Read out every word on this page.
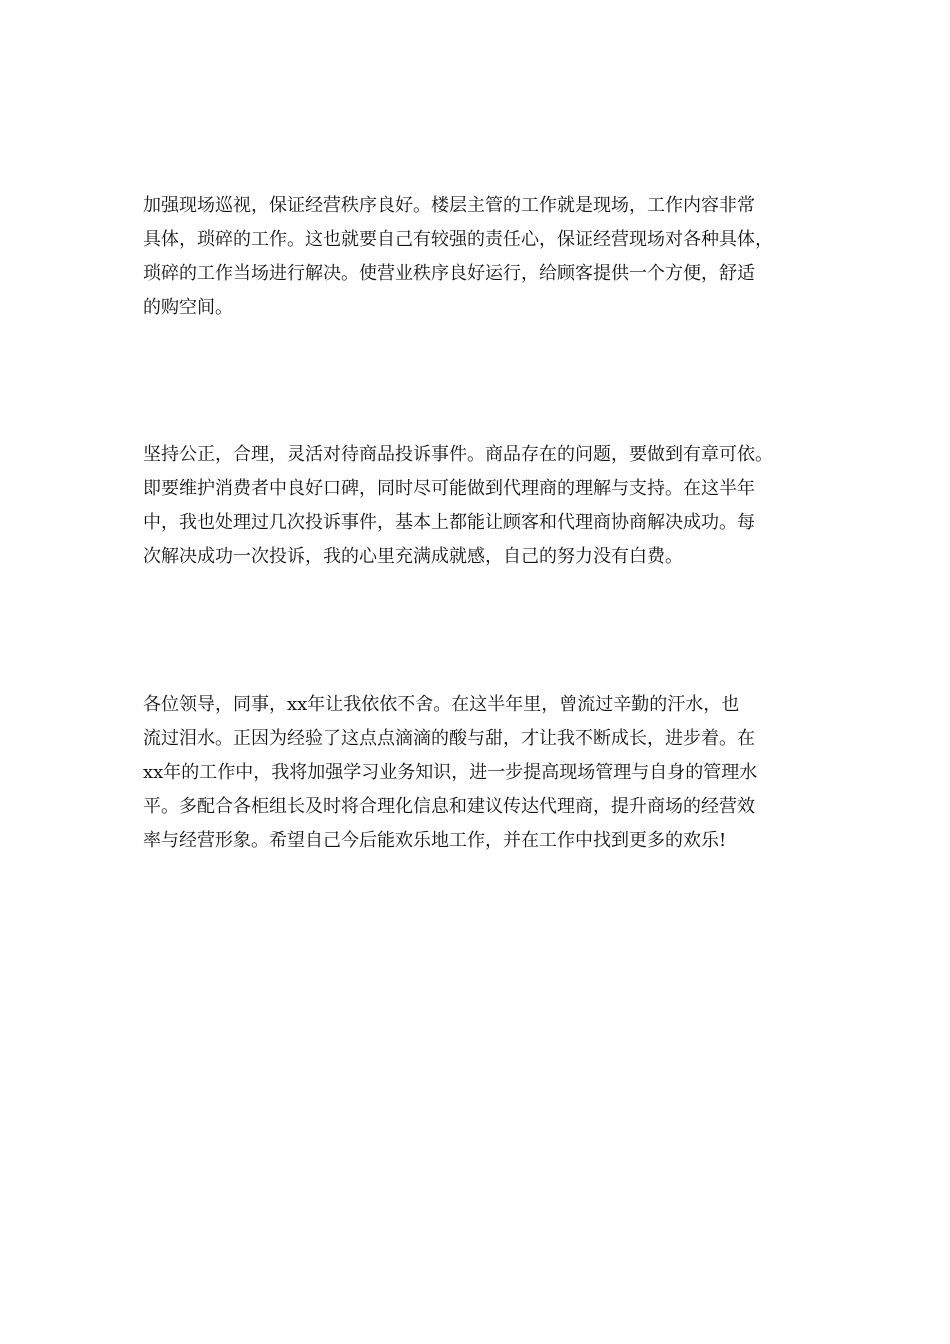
加强现场巡视，保证经营秩序良好。楼层主管的工作就是现场，工作内容非常
具体，琐碎的工作。这也就要自己有较强的责任心，保证经营现场对各种具体，
琐碎的工作当场进行解决。使营业秩序良好运行，给顾客提供一个方便，舒适
的购空间。
坚持公正，合理，灵活对待商品投诉事件。商品存在的问题，要做到有章可依。
即要维护消费者中良好口碑，同时尽可能做到代理商的理解与支持。在这半年
中，我也处理过几次投诉事件，基本上都能让顾客和代理商协商解决成功。每
次解决成功一次投诉，我的心里充满成就感，自己的努力没有白费。
各位领导，同事，xx年让我依依不舍。在这半年里，曾流过辛勤的汗水，也
流过泪水。正因为经验了这点点滴滴的酸与甜，才让我不断成长，进步着。在
xx年的工作中，我将加强学习业务知识，进一步提高现场管理与自身的管理水
平。多配合各柜组长及时将合理化信息和建议传达代理商，提升商场的经营效
率与经营形象。希望自己今后能欢乐地工作，并在工作中找到更多的欢乐!
